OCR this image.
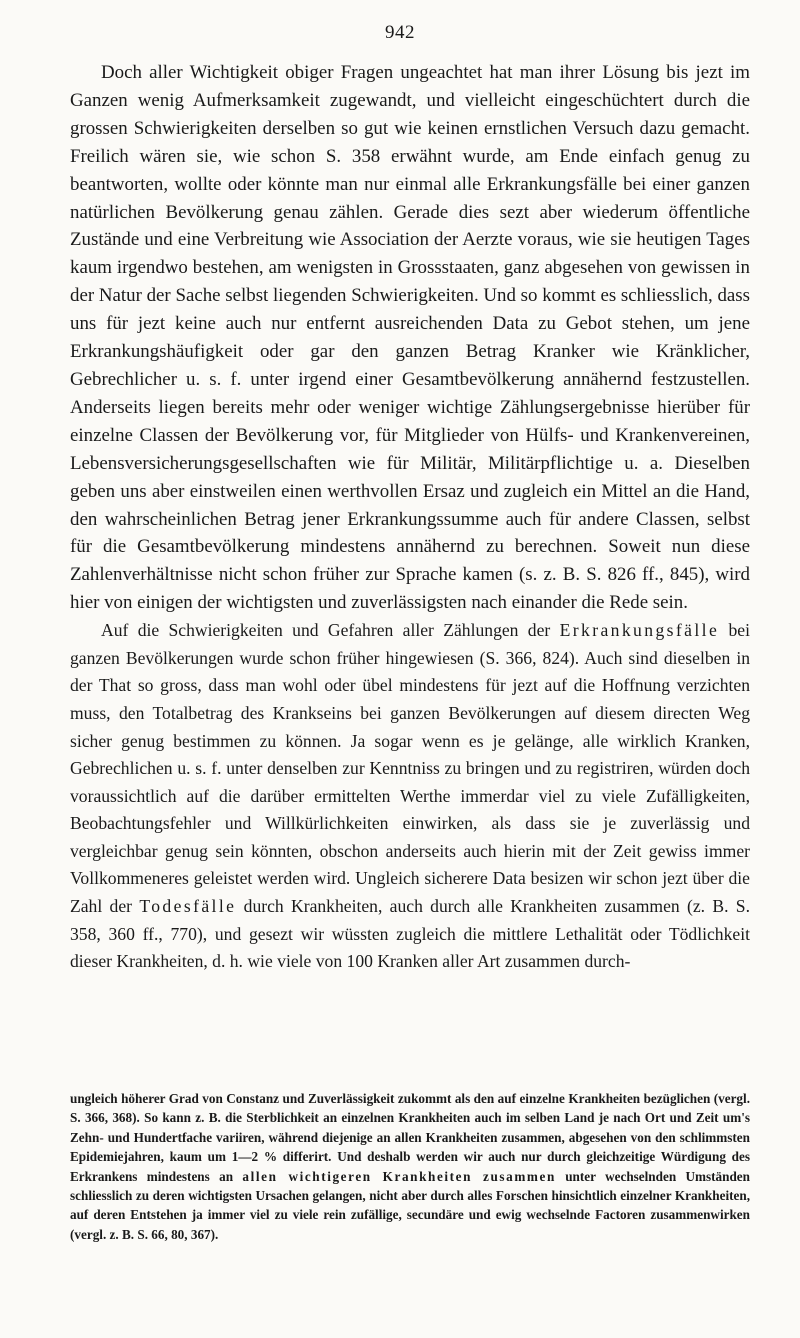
942

Doch aller Wichtigkeit obiger Fragen ungeachtet hat man ihrer Lösung bis jezt im Ganzen wenig Aufmerksamkeit zugewandt, und vielleicht eingeschüchtert durch die grossen Schwierigkeiten derselben so gut wie keinen ernstlichen Versuch dazu gemacht. Freilich wären sie, wie schon S. 358 erwähnt wurde, am Ende einfach genug zu beantworten, wollte oder könnte man nur einmal alle Erkrankungsfälle bei einer ganzen natürlichen Bevölkerung genau zählen. Gerade dies sezt aber wiederum öffentliche Zustände und eine Verbreitung wie Association der Aerzte voraus, wie sie heutigen Tages kaum irgendwo bestehen, am wenigsten in Grossstaaten, ganz abgesehen von gewissen in der Natur der Sache selbst liegenden Schwierigkeiten. Und so kommt es schliesslich, dass uns für jezt keine auch nur entfernt ausreichenden Data zu Gebot stehen, um jene Erkrankungshäufigkeit oder gar den ganzen Betrag Kranker wie Kränklicher, Gebrechlicher u. s. f. unter irgend einer Gesamtbevölkerung annähernd festzustellen. Anderseits liegen bereits mehr oder weniger wichtige Zählungsergebnisse hierüber für einzelne Classen der Bevölkerung vor, für Mitglieder von Hülfs- und Krankenvereinen, Lebensversicherungsgesellschaften wie für Militär, Militärpflichtige u. a. Dieselben geben uns aber einstweilen einen werthvollen Ersaz und zugleich ein Mittel an die Hand, den wahrscheinlichen Betrag jener Erkrankungssumme auch für andere Classen, selbst für die Gesamtbevölkerung mindestens annähernd zu berechnen. Soweit nun diese Zahlenverhältnisse nicht schon früher zur Sprache kamen (s. z. B. S. 826 ff., 845), wird hier von einigen der wichtigsten und zuverlässigsten nach einander die Rede sein.

Auf die Schwierigkeiten und Gefahren aller Zählungen der Erkrankungsfälle bei ganzen Bevölkerungen wurde schon früher hingewiesen (S. 366, 824). Auch sind dieselben in der That so gross, dass man wohl oder übel mindestens für jezt auf die Hoffnung verzichten muss, den Totalbetrag des Krankseins bei ganzen Bevölkerungen auf diesem directen Weg sicher genug bestimmen zu können. Ja sogar wenn es je gelänge, alle wirklich Kranken, Gebrechlichen u. s. f. unter denselben zur Kenntniss zu bringen und zu registriren, würden doch voraussichtlich auf die darüber ermittelten Werthe immerdar viel zu viele Zufälligkeiten, Beobachtungsfehler und Willkürlichkeiten einwirken, als dass sie je zuverlässig und vergleichbar genug sein könnten, obschon anderseits auch hierin mit der Zeit gewiss immer Vollkommeneres geleistet werden wird. Ungleich sicherere Data besizen wir schon jezt über die Zahl der Todesfälle durch Krankheiten, auch durch alle Krankheiten zusammen (z. B. S. 358, 360 ff., 770), und gesezt wir wüssten zugleich die mittlere Lethalität oder Tödlichkeit dieser Krankheiten, d. h. wie viele von 100 Kranken aller Art zusammen durch-

ungleich höherer Grad von Constanz und Zuverlässigkeit zukommt als den auf einzelne Krankheiten bezüglichen (vergl. S. 366, 368). So kann z. B. die Sterblichkeit an einzelnen Krankheiten auch im selben Land je nach Ort und Zeit um's Zehn- und Hundertfache variiren, während diejenige an allen Krankheiten zusammen, abgesehen von den schlimmsten Epidemiejahren, kaum um 1—2 % differirt. Und deshalb werden wir auch nur durch gleichzeitige Würdigung des Erkrankens mindestens an allen wichtigeren Krankheiten zusammen unter wechselnden Umständen schliesslich zu deren wichtigsten Ursachen gelangen, nicht aber durch alles Forschen hinsichtlich einzelner Krankheiten, auf deren Entstehen ja immer viel zu viele rein zufällige, secundäre und ewig wechselnde Factoren zusammenwirken (vergl. z. B. S. 66, 80, 367).
